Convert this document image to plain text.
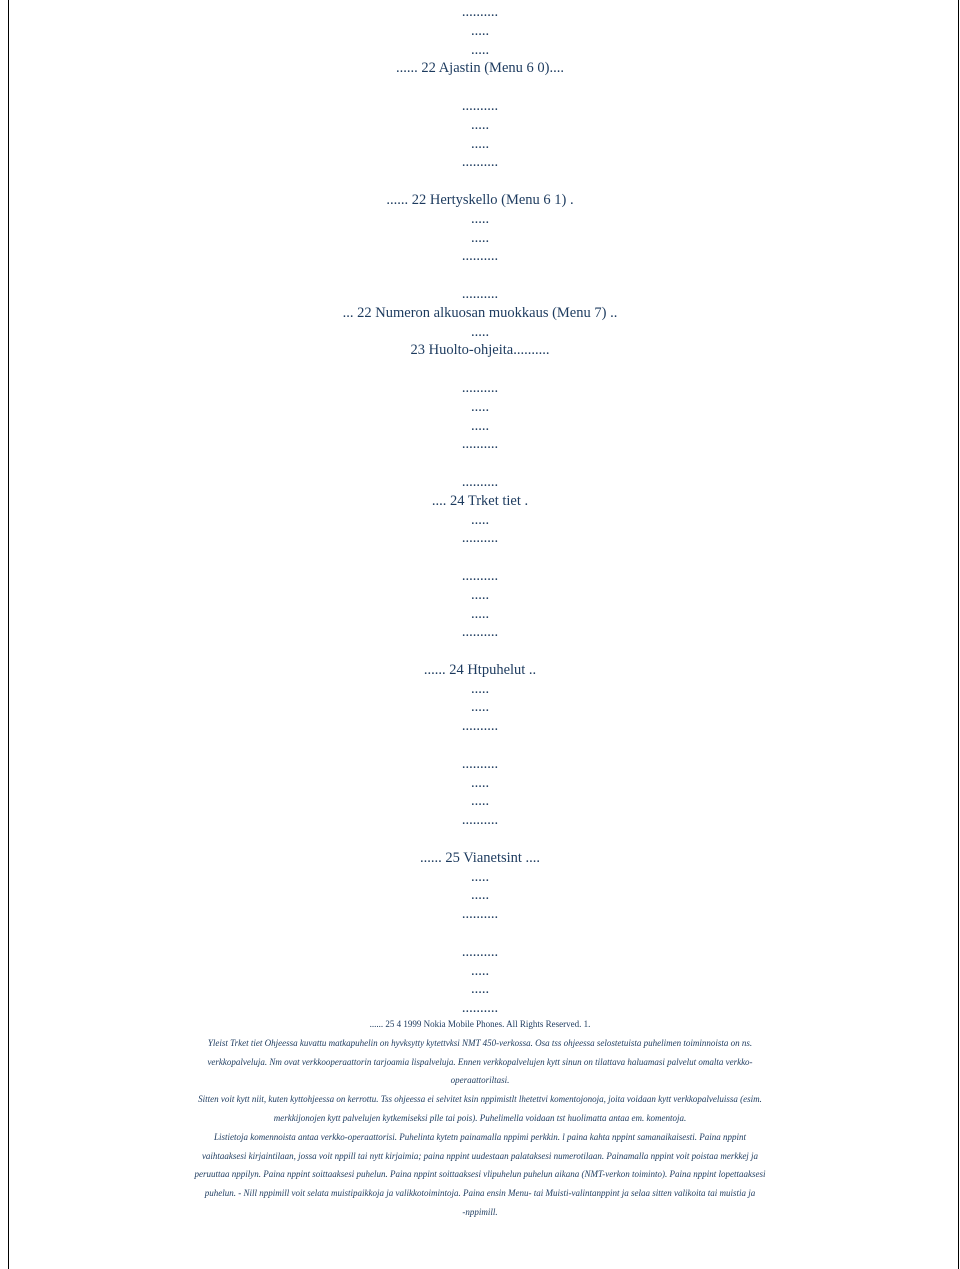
..........
.....
.....
...... 22 Ajastin (Menu 6 0)....
..........
.....
.....
..........
...... 22 Hertyskello (Menu 6 1) .
.....
.....
..........
..........
... 22 Numeron alkuosan muokkaus (Menu 7) ..
.....
23 Huolto-ohjeita..........
..........
.....
.....
..........
..........
.... 24 Trket tiet .
.....
..........
..........
.....
.....
..........
...... 24 Htpuhelut ..
.....
.....
..........
..........
.....
.....
..........
...... 25 Vianetsint ....
.....
.....
..........
..........
.....
.....
..........
...... 25 4 1999 Nokia Mobile Phones. All Rights Reserved. 1.
Yleist Trket tiet Ohjeessa kuvattu matkapuhelin on hyvksytty kytettvksi NMT 450-verkossa. Osa tss ohjeessa selostetuista puhelimen toiminnoista on ns.
verkkopalveluja. Nm ovat verkkooperaattorin tarjoamia lispalveluja. Ennen verkkopalvelujen kytt sinun on tilattava haluamasi palvelut omalta verkko-
operaattoriltasi.
Sitten voit kytt niit, kuten kyttohjeessa on kerrottu. Tss ohjeessa ei selvitet ksin nppimistlt lhetettvi komentojonoja, joita voidaan kytt verkkopalveluissa (esim.
merkkijonojen kytt palvelujen kytkemiseksi plle tai pois). Puhelimella voidaan tst huolimatta antaa em. komentoja.
Listietoja komennoista antaa verkko-operaattorisi. Puhelinta kytetn painamalla nppimi perkkin. l paina kahta nppint samanaikaisesti. Paina nppint
vaihtaaksesi kirjaintilaan, jossa voit nppill tai nytt kirjaimia; paina nppint uudestaan palataksesi numerotilaan. Painamalla nppint voit poistaa merkkej ja
peruuttaa nppilyn. Paina nppint soittaaksesi puhelun. Paina nppint soittaaksesi vlipuhelun puhelun aikana (NMT-verkon toiminto). Paina nppint lopettaaksesi
puhelun. - Nill nppimill voit selata muistipaikkoja ja valikkotoimintoja. Paina ensin Menu- tai Muisti-valintanppint ja selaa sitten valikoita tai muistia ja
-nppimill.
